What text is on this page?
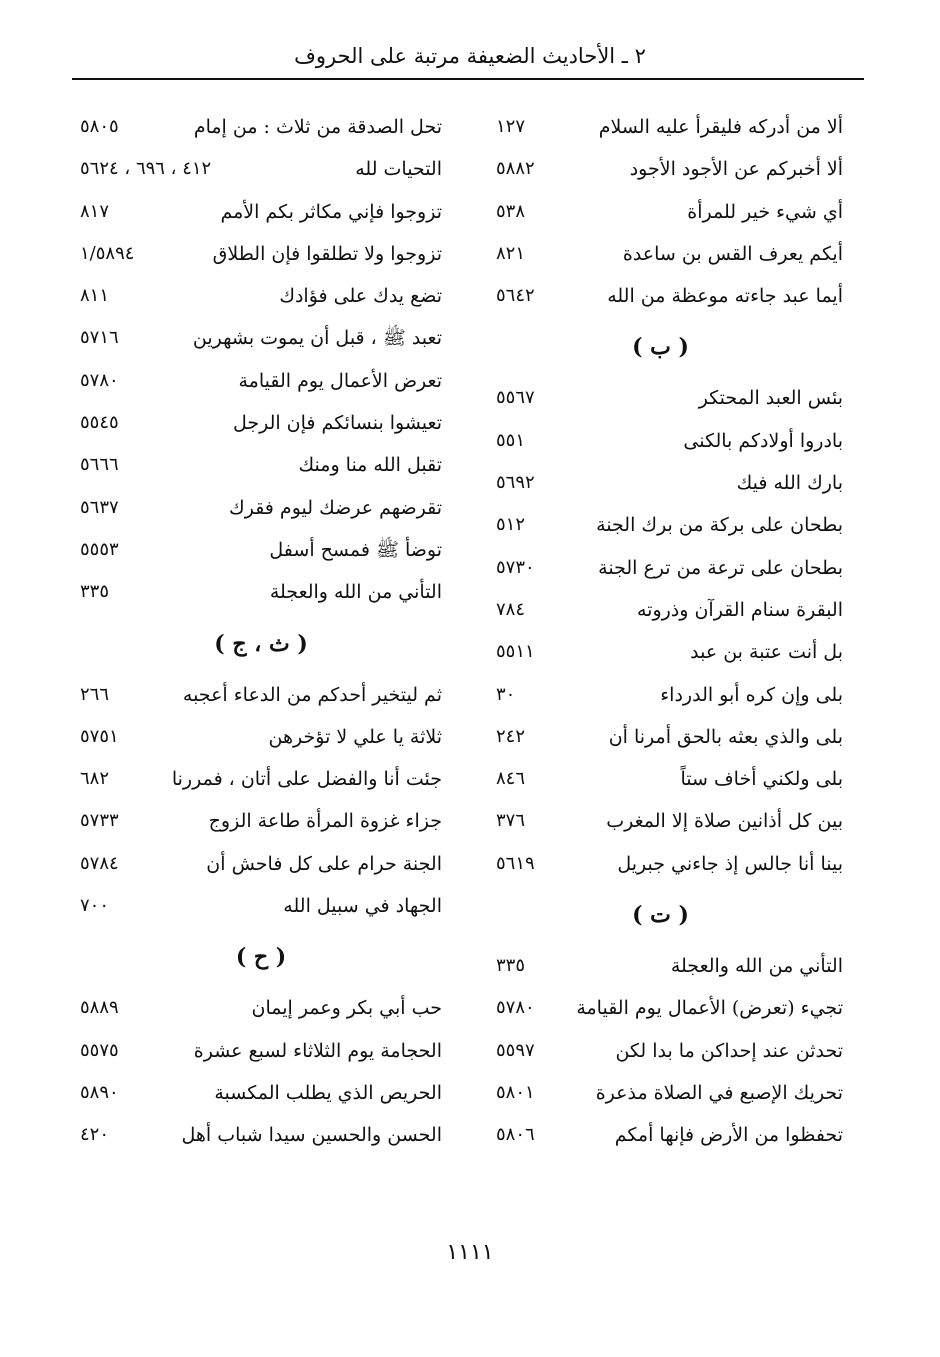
٢ ـ الأحاديث الضعيفة مرتبة على الحروف
ألا من أدركه فليقرأ عليه السلام
١٢٧
ألا أخبركم عن الأجود الأجود
٥٨٨٢
أي شيء خير للمرأة
٥٣٨
أيكم يعرف القس بن ساعدة
٨٢١
أيما عبد جاءته موعظة من الله
٥٦٤٢
( ب )
بئس العبد المحتكر
٥٥٦٧
بادروا أولادكم بالكنى
٥٥١
بارك الله فيك
٥٦٩٢
بطحان على بركة من برك الجنة
٥١٢
بطحان على ترعة من ترع الجنة
٥٧٣٠
البقرة سنام القرآن وذروته
٧٨٤
بل أنت عتبة بن عبد
٥٥١١
بلى وإن كره أبو الدرداء
٣٠
بلى والذي بعثه بالحق أمرنا أن
٢٤٢
بلى ولكني أخاف ستاً
٨٤٦
بين كل أذانين صلاة إلا المغرب
٣٧٦
بينا أنا جالس إذ جاءني جبريل
٥٦١٩
( ت )
التأني من الله والعجلة
٣٣٥
تجيء (تعرض) الأعمال يوم القيامة
٥٧٨٠
تحدثن عند إحداكن ما بدا لكن
٥٥٩٧
تحريك الإصبع في الصلاة مذعرة
٥٨٠١
تحفظوا من الأرض فإنها أمكم
٥٨٠٦
تحل الصدقة من ثلاث : من إمام
٥٨٠٥
التحيات لله
٤١٢ ، ٦٩٦ ، ٥٦٢٤
تزوجوا فإني مكاثر بكم الأمم
٨١٧
تزوجوا ولا تطلقوا فإن الطلاق
١/٥٨٩٤
تضع يدك على فؤادك
٨١١
تعبد ﷺ ، قبل أن يموت بشهرين
٥٧١٦
تعرض الأعمال يوم القيامة
٥٧٨٠
تعيشوا بنسائكم فإن الرجل
٥٥٤٥
تقبل الله منا ومنك
٥٦٦٦
تقرضهم عرضك ليوم فقرك
٥٦٣٧
توضأ ﷺ فمسح أسفل
٥٥٥٣
التأني من الله والعجلة
٣٣٥
( ث ، ج )
ثم ليتخير أحدكم من الدعاء أعجبه
٢٦٦
ثلاثة يا علي لا تؤخرهن
٥٧٥١
جئت أنا والفضل على أتان ، فمررنا
٦٨٢
جزاء غزوة المرأة طاعة الزوج
٥٧٣٣
الجنة حرام على كل فاحش أن
٥٧٨٤
الجهاد في سبيل الله
٧٠٠
( ح )
حب أبي بكر وعمر إيمان
٥٨٨٩
الحجامة يوم الثلاثاء لسبع عشرة
٥٥٧٥
الحريص الذي يطلب المكسبة
٥٨٩٠
الحسن والحسين سيدا شباب أهل
٤٢٠
١١١١
